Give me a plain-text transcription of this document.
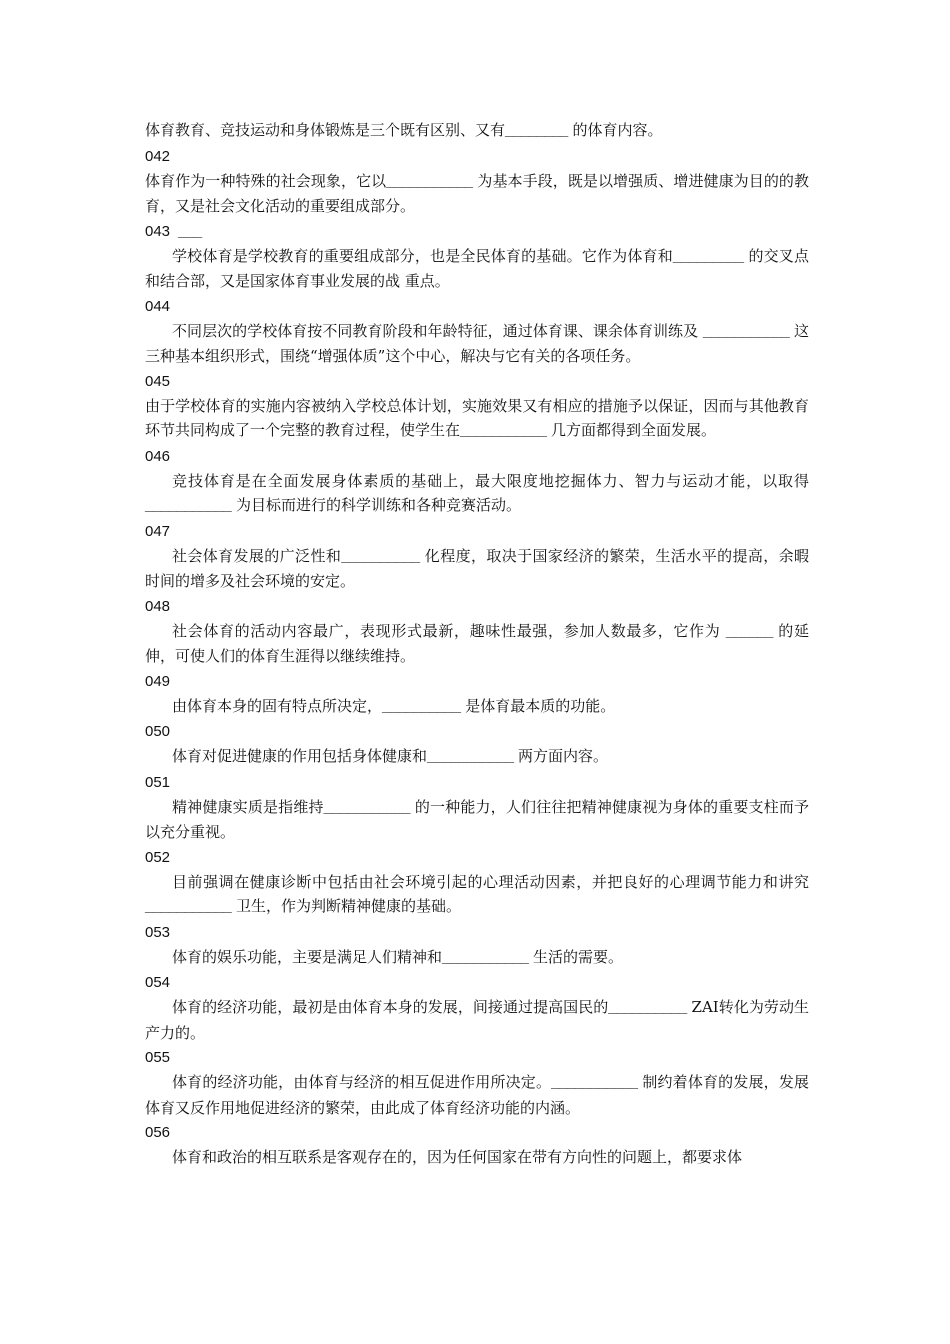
体育教育、竞技运动和身体锻炼是三个既有区别、又有________ 的体育内容。

042

体育作为一种特殊的社会现象，它以___________ 为基本手段，既是以增强质、增进健康为目的的教育，又是社会文化活动的重要组成部分。

043 ___

学校体育是学校教育的重要组成部分，也是全民体育的基础。它作为体育和_________ 的交叉点和结合部，又是国家体育事业发展的战 重点。

044

不同层次的学校体育按不同教育阶段和年龄特征，通过体育课、课余体育训练及 ___________ 这三种基本组织形式，围绕“增强体质”这个中心，解决与它有关的各项任务。

045

由于学校体育的实施内容被纳入学校总体计划，实施效果又有相应的措施予以保证，因而与其他教育环节共同构成了一个完整的教育过程，使学生在___________ 几方面都得到全面发展。

046

竞技体育是在全面发展身体素质的基础上，最大限度地挖掘体力、智力与运动才能，以取得___________ 为目标而进行的科学训练和各种竞赛活动。

047

社会体育发展的广泛性和__________ 化程度，取决于国家经济的繁荣，生活水平的提高，余暇时间的增多及社会环境的安定。

048

社会体育的活动内容最广，表现形式最新，趣味性最强，参加人数最多，它作为 ______ 的延伸，可使人们的体育生涯得以继续维持。

049

由体育本身的固有特点所决定，__________ 是体育最本质的功能。

050

体育对促进健康的作用包括身体健康和___________ 两方面内容。

051

精神健康实质是指维持___________ 的一种能力，人们往往把精神健康视为身体的重要支柱而予以充分重视。

052

目前强调在健康诊断中包括由社会环境引起的心理活动因素，并把良好的心理调节能力和讲究___________ 卫生，作为判断精神健康的基础。

053

体育的娱乐功能，主要是满足人们精神和___________ 生活的需要。

054

体育的经济功能，最初是由体育本身的发展，间接通过提高国民的__________ ZAI转化为劳动生产力的。

055

体育的经济功能，由体育与经济的相互促进作用所决定。___________ 制约着体育的发展，发展体育又反作用地促进经济的繁荣，由此成了体育经济功能的内涵。

056

体育和政治的相互联系是客观存在的，因为任何国家在带有方向性的问题上，都要求体
